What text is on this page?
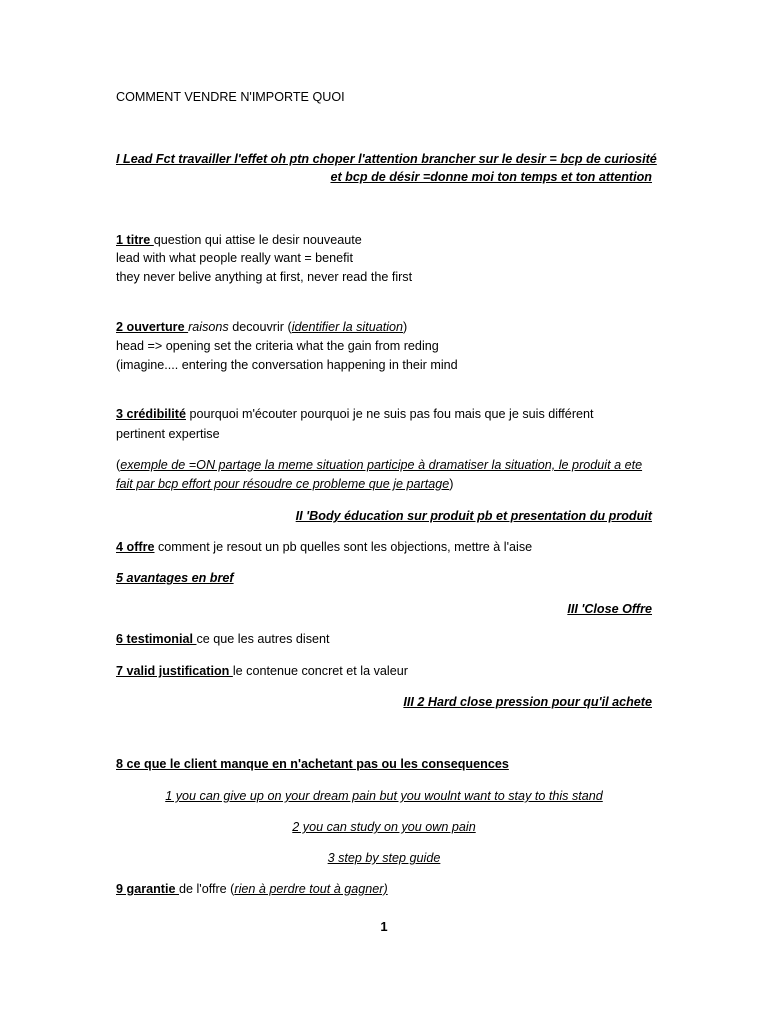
COMMENT VENDRE N'IMPORTE QUOI
I Lead Fct travailler l'effet oh ptn choper l'attention brancher sur le desir = bcp de curiosité
et bcp de désir =donne moi ton temps et ton attention
1 titre question qui attise le desir nouveaute
lead with what people really want = benefit
they never belive anything at first, never read the first
2 ouverture raisons decouvrir (identifier la situation)
head => opening set the criteria what the gain from reding
(imagine.... entering the conversation happening in their mind
3 crédibilité pourquoi m'écouter pourquoi je ne suis pas fou mais que je suis différent
pertinent expertise
(exemple de =ON partage la meme situation participe à dramatiser la situation, le produit a ete fait par bcp effort pour résoudre ce probleme que je partage)
II 'Body éducation sur produit pb et presentation du produit
4 offre comment je resout un pb quelles sont les objections, mettre à l'aise
5 avantages en bref
III 'Close Offre
6 testimonial ce que les autres disent
7 valid justification le contenue concret et la valeur
III 2 Hard close pression pour qu'il achete
8 ce que le client manque en n'achetant pas ou les consequences
1 you can give up on your dream pain but you woulnt want to stay to this stand
2 you can study on you own pain
3 step by step guide
9 garantie de l'offre (rien à perdre tout à gagner)
1
